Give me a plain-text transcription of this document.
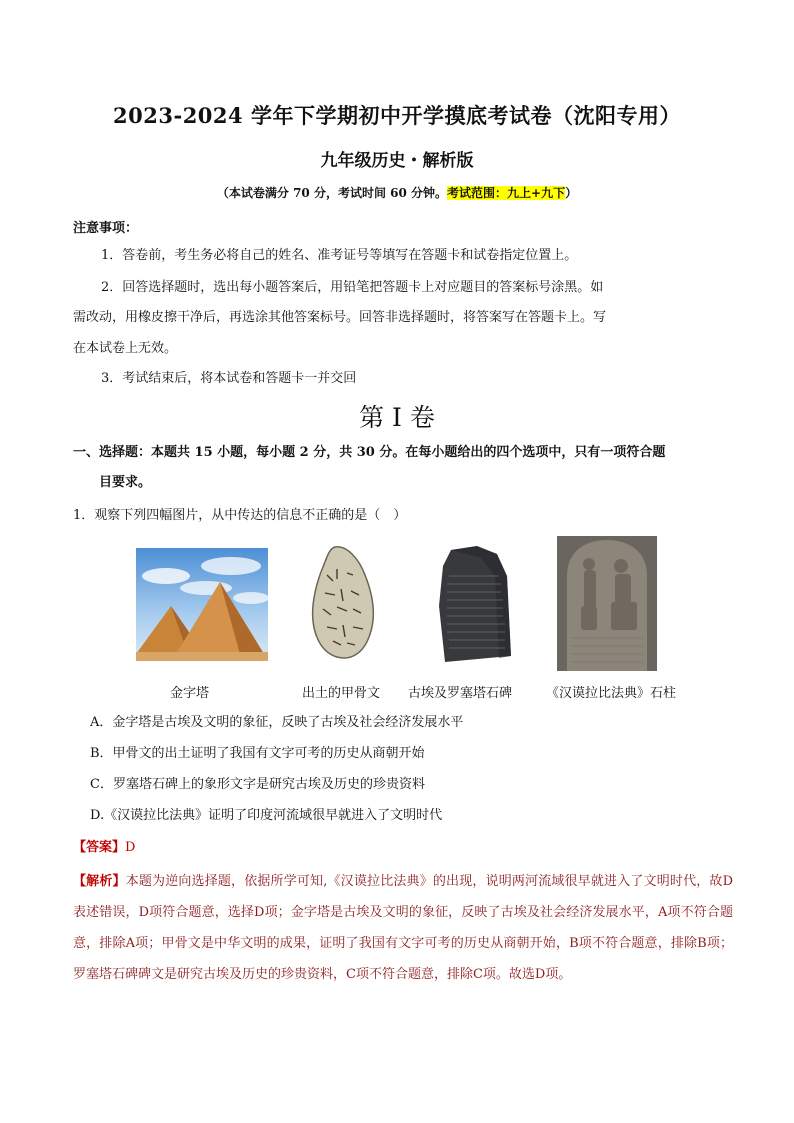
2023-2024 学年下学期初中开学摸底考试卷（沈阳专用）
九年级历史・解析版
（本试卷满分 70 分，考试时间 60 分钟。考试范围：九上+九下）
注意事项：
1．答卷前，考生务必将自己的姓名、准考证号等填写在答题卡和试卷指定位置上。
2．回答选择题时，选出每小题答案后，用铅笔把答题卡上对应题目的答案标号涂黑。如
需改动，用橡皮擦干净后，再选涂其他答案标号。回答非选择题时，将答案写在答题卡上。写
在本试卷上无效。
3．考试结束后，将本试卷和答题卡一并交回
第 I 卷
一、选择题：本题共 15 小题，每小题 2 分，共 30 分。在每小题给出的四个选项中，只有一项符合题
目要求。
1．观察下列四幅图片，从中传达的信息不正确的是（　）
金字塔	出土的甲骨文 古埃及罗塞塔石碑	《汉谟拉比法典》石柱
A．金字塔是古埃及文明的象征，反映了古埃及社会经济发展水平
B．甲骨文的出土证明了我国有文字可考的历史从商朝开始
C．罗塞塔石碑上的象形文字是研究古埃及历史的珍贵资料
D.《汉谟拉比法典》证明了印度河流域很早就进入了文明时代
【答案】D
【解析】本题为逆向选择题，依据所学可知,《汉谟拉比法典》的出现，说明两河流域很早就进入了文明时代，故D表述错误，D项符合题意，选择D项；金字塔是古埃及文明的象征，反映了古埃及社会经济发展水平，A项不符合题意，排除A项；甲骨文是中华文明的成果，证明了我国有文字可考的历史从商朝开始，B项不符合题意，排除B项；罗塞塔石碑碑文是研究古埃及历史的珍贵资料，C项不符合题意，排除C项。故选D项。
